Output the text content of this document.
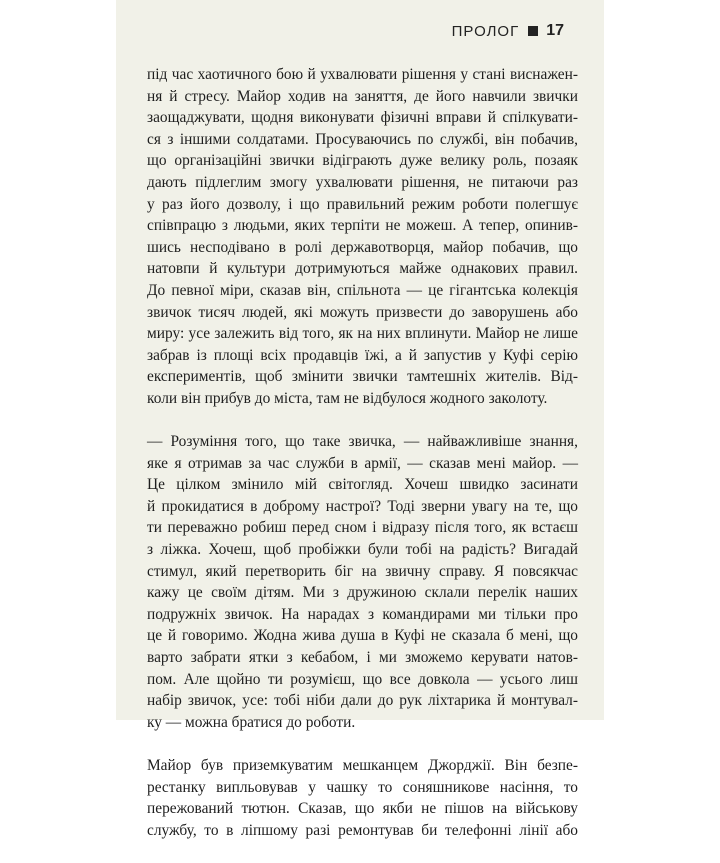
ПРОЛОГ 17
під час хаотичного бою й ухвалювати рішення у стані виснажен-
ня й стресу. Майор ходив на заняття, де його навчили звички
заощаджувати, щодня виконувати фізичні вправи й спілкувати-
ся з іншими солдатами. Просуваючись по службі, він побачив,
що організаційні звички відіграють дуже велику роль, позаяк
дають підлеглим змогу ухвалювати рішення, не питаючи раз
у раз його дозволу, і що правильний режим роботи полегшує
співпрацю з людьми, яких терпіти не можеш. А тепер, опинив-
шись несподівано в ролі державотворця, майор побачив, що
натовпи й культури дотримуються майже однакових правил.
До певної міри, сказав він, спільнота — це гігантська колекція
звичок тисяч людей, які можуть призвести до заворушень або
миру: усе залежить від того, як на них вплинути. Майор не лише
забрав із площі всіх продавців їжі, а й запустив у Куфі серію
експериментів, щоб змінити звички тамтешніх жителів. Від-
коли він прибув до міста, там не відбулося жодного заколоту.
— Розуміння того, що таке звичка, — найважливіше знання,
яке я отримав за час служби в армії, — сказав мені майор. —
Це цілком змінило мій світогляд. Хочеш швидко засинати
й прокидатися в доброму настрої? Тоді зверни увагу на те, що
ти переважно робиш перед сном і відразу після того, як встаєш
з ліжка. Хочеш, щоб пробіжки були тобі на радість? Вигадай
стимул, який перетворить біг на звичну справу. Я повсякчас
кажу це своїм дітям. Ми з дружиною склали перелік наших
подружніх звичок. На нарадах з командирами ми тільки про
це й говоримо. Жодна жива душа в Куфі не сказала б мені, що
варто забрати ятки з кебабом, і ми зможемо керувати натов-
пом. Але щойно ти розумієш, що все довкола — усього лиш
набір звичок, усе: тобі ніби дали до рук ліхтарика й монтувал-
ку — можна братися до роботи.
Майор був приземкуватим мешканцем Джорджії. Він безпе-
рестанку випльовував у чашку то соняшникове насіння, то
пережований тютюн. Сказав, що якби не пішов на військову
службу, то в ліпшому разі ремонтував би телефонні лінії або
